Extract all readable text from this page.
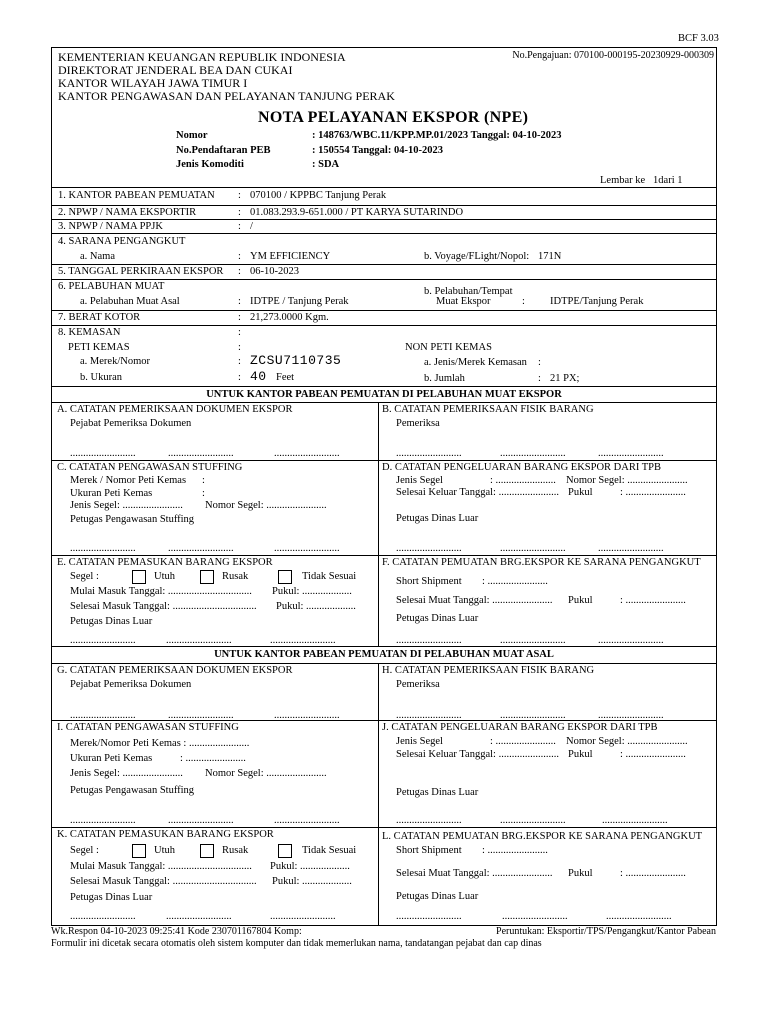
BCF 3.03
KEMENTERIAN KEUANGAN REPUBLIK INDONESIA
DIREKTORAT JENDERAL BEA DAN CUKAI
KANTOR WILAYAH JAWA TIMUR I
KANTOR PENGAWASAN DAN PELAYANAN TANJUNG PERAK
No.Pengajuan: 070100-000195-20230929-000309
NOTA PELAYANAN EKSPOR (NPE)
Nomor	: 148763/WBC.11/KPP.MP.01/2023 Tanggal: 04-10-2023
No.Pendaftaran PEB	: 150554 Tanggal: 04-10-2023
Jenis Komoditi	: SDA
Lembar ke   1dari 1
1. KANTOR PABEAN PEMUATAN : 070100 / KPPBC Tanjung Perak
2. NPWP / NAMA EKSPORTIR	: 01.083.293.9-651.000 / PT KARYA SUTARINDO
3. NPWP / NAMA PPJK	: /
4. SARANA PENGANGKUT
a. Nama	: YM EFFICIENCY	b. Voyage/FLight/Nopol: 171N
5. TANGGAL PERKIRAAN EKSPOR : 06-10-2023
6. PELABUHAN MUAT	b. Pelabuhan/Tempat
a. Pelabuhan Muat Asal	: IDTPE / Tanjung Perak	Muat Ekspor	: IDTPE/Tanjung Perak
7. BERAT KOTOR	: 21,273.0000 Kgm.
8. KEMASAN	:
PETI KEMAS	:	NON PETI KEMAS
a. Merek/Nomor	: ZCSU7110735	a. Jenis/Merek Kemasan :
b. Ukuran	: 40 Feet	b. Jumlah	: 21 PX;
UNTUK KANTOR PABEAN PEMUATAN DI PELABUHAN MUAT EKSPOR
A. CATATAN PEMERIKSAAN DOKUMEN EKSPOR
Pejabat Pemeriksa Dokumen
.........................	.........................	.........................
B. CATATAN PEMERIKSAAN FISIK BARANG
Pemeriksa
.........................	.........................	.........................
C. CATATAN PENGAWASAN STUFFING
Merek / Nomor Peti Kemas :
Ukuran Peti Kemas	:
Jenis Segel: ....................... Nomor Segel: .......................
Petugas Pengawasan Stuffing
.........................	.........................	.........................
D. CATATAN PENGELUARAN BARANG EKSPOR DARI TPB
Jenis Segel	: ....................... Nomor Segel: .......................
Selesai Keluar Tanggal: ....................... Pukul	: .......................
Petugas Dinas Luar
.........................	.........................	.........................
E. CATATAN PEMASUKAN BARANG EKSPOR
Segel :	Utuh	Rusak	Tidak Sesuai
Mulai Masuk Tanggal: ................................ Pukul: ...................
Selesai Masuk Tanggal: ................................ Pukul: ...................
Petugas Dinas Luar
.........................	.........................	.........................
F. CATATAN PEMUATAN BRG.EKSPOR KE SARANA PENGANGKUT
Short Shipment : .......................
Selesai Muat Tanggal: ....................... Pukul	: .......................
Petugas Dinas Luar
.........................	.........................	.........................
UNTUK KANTOR PABEAN PEMUATAN DI PELABUHAN MUAT ASAL
G. CATATAN PEMERIKSAAN DOKUMEN EKSPOR
Pejabat Pemeriksa Dokumen
.........................	.........................	.........................
H. CATATAN PEMERIKSAAN FISIK BARANG
Pemeriksa
.........................	.........................	.........................
I. CATATAN PENGAWASAN STUFFING
Merek/Nomor Peti Kemas : .......................
Ukuran Peti Kemas	: .......................
Jenis Segel: ....................... Nomor Segel: .......................
Petugas Pengawasan Stuffing
.........................	.........................	.........................
J. CATATAN PENGELUARAN BARANG EKSPOR DARI TPB
Jenis Segel	: ....................... Nomor Segel: .......................
Selesai Keluar Tanggal: ....................... Pukul	: .......................
Petugas Dinas Luar
.........................	.........................	.........................
K. CATATAN PEMASUKAN BARANG EKSPOR
Segel :	Utuh	Rusak	Tidak Sesuai
Mulai Masuk Tanggal: ................................ Pukul: ...................
Selesai Masuk Tanggal: ................................ Pukul: ...................
Petugas Dinas Luar
.........................	.........................	.........................
L. CATATAN PEMUATAN BRG.EKSPOR KE SARANA PENGANGKUT
Short Shipment : .......................
Selesai Muat Tanggal: ....................... Pukul	: .......................
Petugas Dinas Luar
.........................	.........................	.........................
Wk.Respon 04-10-2023 09:25:41 Kode 230701167804 Komp:	Peruntukan: Eksportir/TPS/Pengangkut/Kantor Pabean
Formulir ini dicetak secara otomatis oleh sistem komputer dan tidak memerlukan nama, tandatangan pejabat dan cap dinas
